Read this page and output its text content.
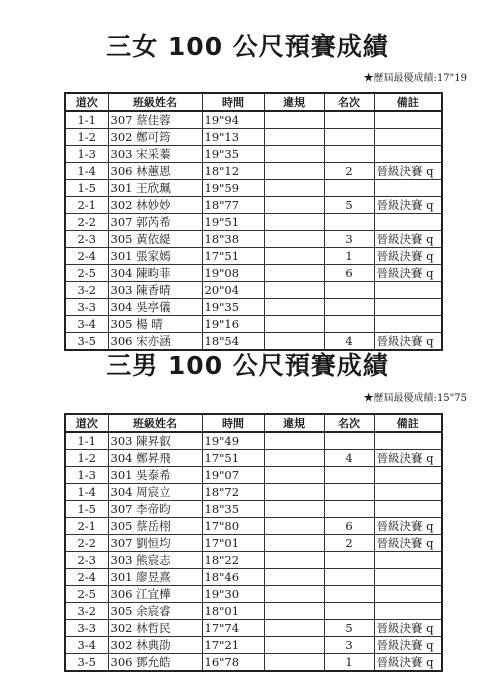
三女 100 公尺預賽成績
★歷屆最優成績:17"19
道次	班級姓名	時間	違規	名次	備註
1-1	307 蔡佳蓉	19"94			
1-2	302 鄭可筠	19"13			
1-3	303 宋采蓁	19"35			
1-4	306 林蕙恩	18"12		2	晉級決賽 q
1-5	301 王欣珮	19"59			
2-1	302 林妙妙	18"77		5	晉級決賽 q
2-2	307 郭芮希	19"51			
2-3	305 黃依緹	18"38		3	晉級決賽 q
2-4	301 張家嫣	17"51		1	晉級決賽 q
2-5	304 陳畇菲	19"08		6	晉級決賽 q
3-2	303 陳香晴	20"04			
3-3	304 吳亭儀	19"35			
3-4	305 楊 晴	19"16			
3-5	306 宋亦涵	18"54		4	晉級決賽 q
三男 100 公尺預賽成績
★歷屆最優成績:15"75
道次	班級姓名	時間	違規	名次	備註
1-1	303 陳昇叡	19"49			
1-2	304 鄭昇飛	17"51		4	晉級決賽 q
1-3	301 吳泰希	19"07			
1-4	304 周宸立	18"72			
1-5	307 李帝昀	18"35			
2-1	305 蔡岳栩	17"80		6	晉級決賽 q
2-2	307 劉恒均	17"01		2	晉級決賽 q
2-3	303 熊宸志	18"22			
2-4	301 廖昱熹	18"46			
2-5	306 江宜樺	19"30			
3-2	305 余宸睿	18"01			
3-3	302 林哲民	17"74		5	晉級決賽 q
3-4	302 林典劭	17"21		3	晉級決賽 q
3-5	306 鄧允皓	16"78		1	晉級決賽 q
